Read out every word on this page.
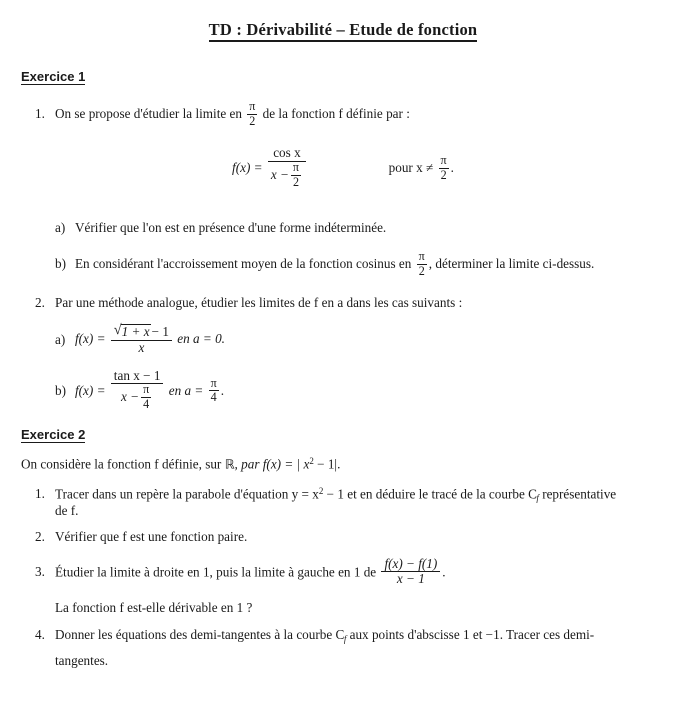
TD : Dérivabilité – Etude de fonction
Exercice 1
1. On se propose d'étudier la limite en $\frac{\pi}{2}$ de la fonction f définie par :
$f(x) = \frac{\text{cos x}}{x - \frac{\pi}{2}}$	pour $x \ne \frac{\pi}{2}$ .
a) Vérifier que l'on est en présence d'une forme indéterminée.
b) En considérant l'accroissement moyen de la fonction cosinus en $\frac{\pi}{2}$ , déterminer la limite ci-dessus.
2. Par une méthode analogue, étudier les limites de f en a dans les cas suivants :
a) $f(x) = \frac{√ 1 + x - 1}{x}$ en a = 0.
b) $f(x) = \frac{\text{tan x − 1}}{x - \frac{\pi}{4}}$ en $a = \frac{\pi}{4}$ .
Exercice 2
On considère la fonction f définie, sur ℝ, par f(x) = | $x^2 - 1|$.
1. Tracer dans un repère la parabole d'équation $y = x^2 - 1$ et en déduire le tracé de la courbe $C_f$ représentative
de f.
2. Vérifier que f est une fonction paire.
3. Étudier la limite à droite en 1, puis la limite à gauche en 1 de $\frac{f(x) - f(1)}{x - 1}$ .
La fonction f est-elle dérivable en 1 ?
4. Donner les équations des demi-tangentes à la courbe $C_f$ aux points d'abscisse 1 et −1. Tracer ces demi-
tangentes.
